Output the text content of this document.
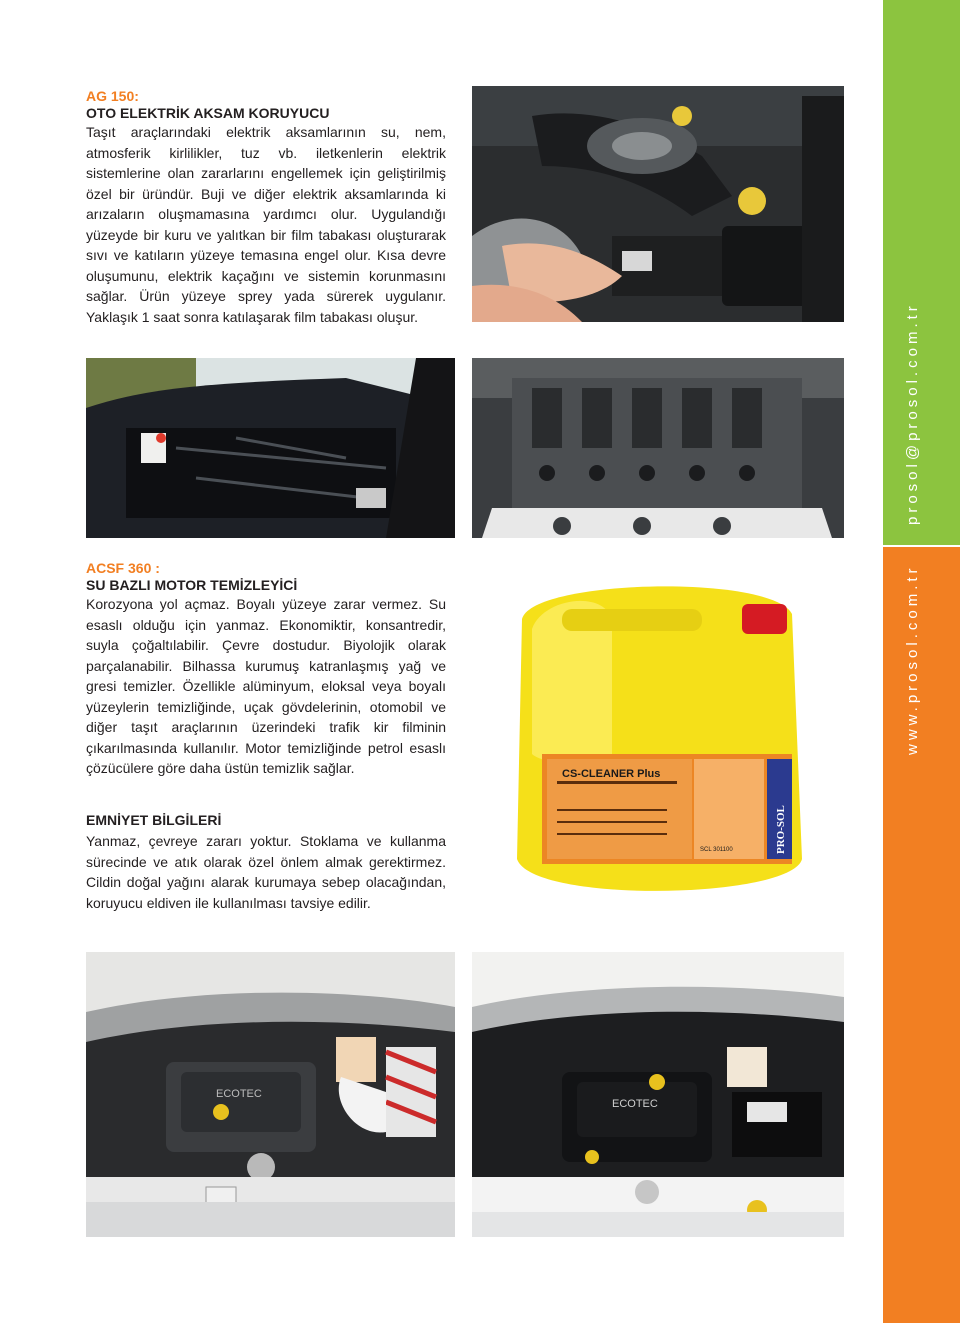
prosol@prosol.com.tr
www.prosol.com.tr
AG 150:
OTO ELEKTRİK AKSAM KORUYUCU

Taşıt araçlarındaki elektrik aksamlarının su, nem, atmosferik kirlilikler, tuz vb. iletkenlerin elektrik sistemlerine olan zararlarını engellemek için geliştirilmiş özel bir üründür. Buji ve diğer elektrik aksamlarında ki arızaların oluşmamasına yardımcı olur. Uygulandığı yüzeyde bir kuru ve yalıtkan bir film tabakası oluşturarak sıvı ve katıların yüzeye temasına engel olur. Kısa devre oluşumunu, elektrik kaçağını ve sistemin korunmasını sağlar. Ürün yüzeye sprey yada sürerek uygulanır. Yaklaşık 1 saat sonra katılaşarak film tabakası oluşur.

ACSF 360 :
SU BAZLI MOTOR TEMİZLEYİCİ

Korozyona yol açmaz. Boyalı yüzeye zarar vermez. Su esaslı olduğu için yanmaz. Ekonomiktir, konsantredir, suyla çoğaltılabilir. Çevre dostudur. Biyolojik olarak parçalanabilir. Bilhassa kurumuş katranlaşmış yağ ve gresi temizler. Özellikle alüminyum, eloksal veya boyalı yüzeylerin temizliğinde, uçak gövdelerinin, otomobil ve diğer taşıt araçlarının üzerindeki trafik kir filminin çıkarılmasında kullanılır. Motor temizliğinde petrol esaslı çözücülere göre daha üstün temizlik sağlar.

EMNİYET BİLGİLERİ

Yanmaz, çevreye zararı yoktur. Stoklama ve kullanma sürecinde ve atık olarak özel önlem almak gerektirmez. Cildin doğal yağını alarak kurumaya sebep olacağından, koruyucu eldiven ile kullanılması tavsiye edilir.

CS-CLEANER Plus
PRO-SOL
SCL 301100
ECOTEC
ECOTEC
